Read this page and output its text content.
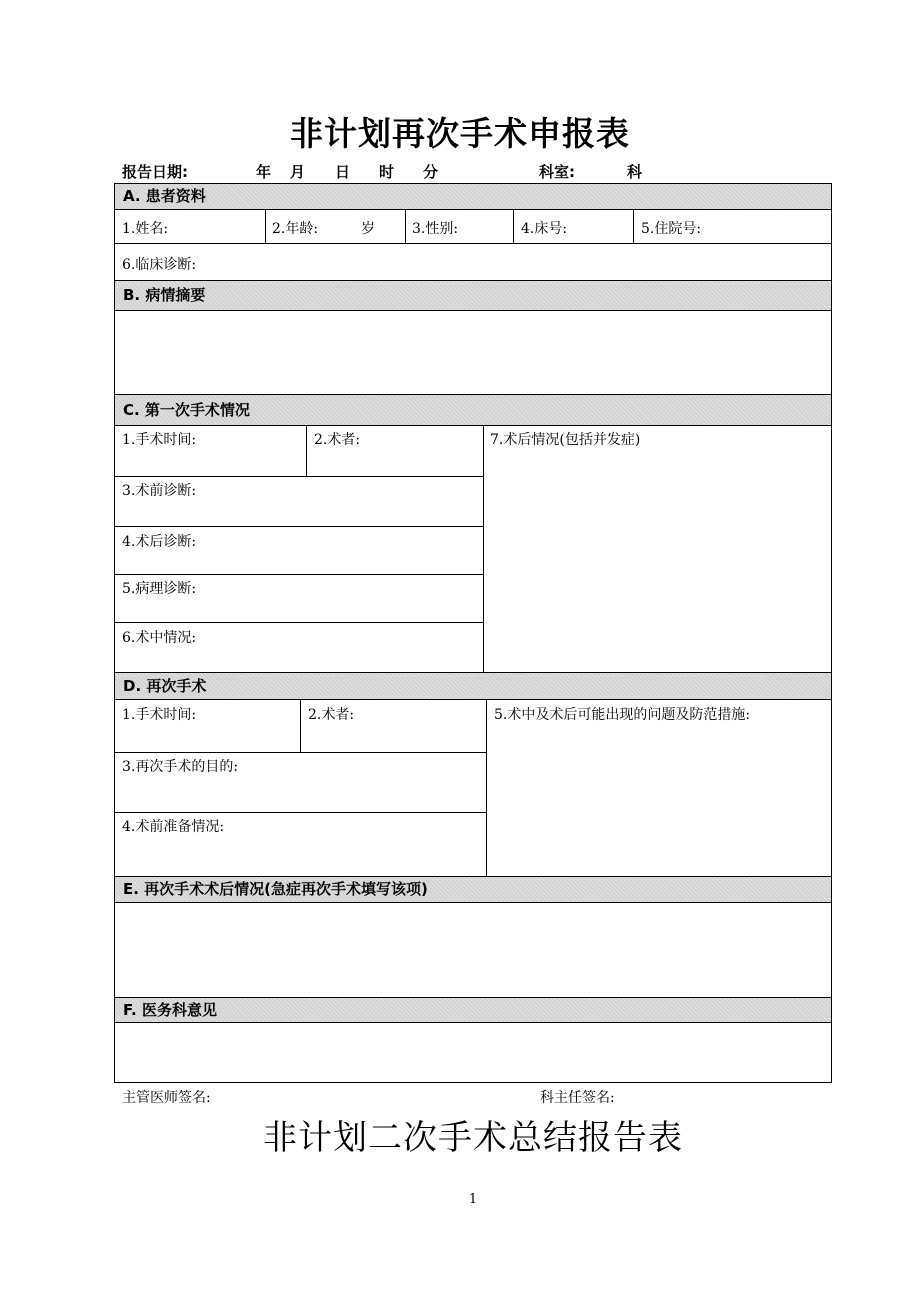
非计划再次手术申报表
报告日期:	年 月 日 时 分	科室:	科
A. 患者资料
1.姓名:	2.年龄:	岁	3.性别:	4.床号:	5.住院号:
6.临床诊断:
B. 病情摘要
C. 第一次手术情况
1.手术时间:	2.术者:	7.术后情况(包括并发症)
3.术前诊断:
4.术后诊断:
5.病理诊断:
6.术中情况:
D. 再次手术
1.手术时间:	2.术者:	5.术中及术后可能出现的问题及防范措施:
3.再次手术的目的:
4.术前准备情况:
E. 再次手术术后情况(急症再次手术填写该项)
F. 医务科意见
主管医师签名:	科主任签名:
非计划二次手术总结报告表
1
